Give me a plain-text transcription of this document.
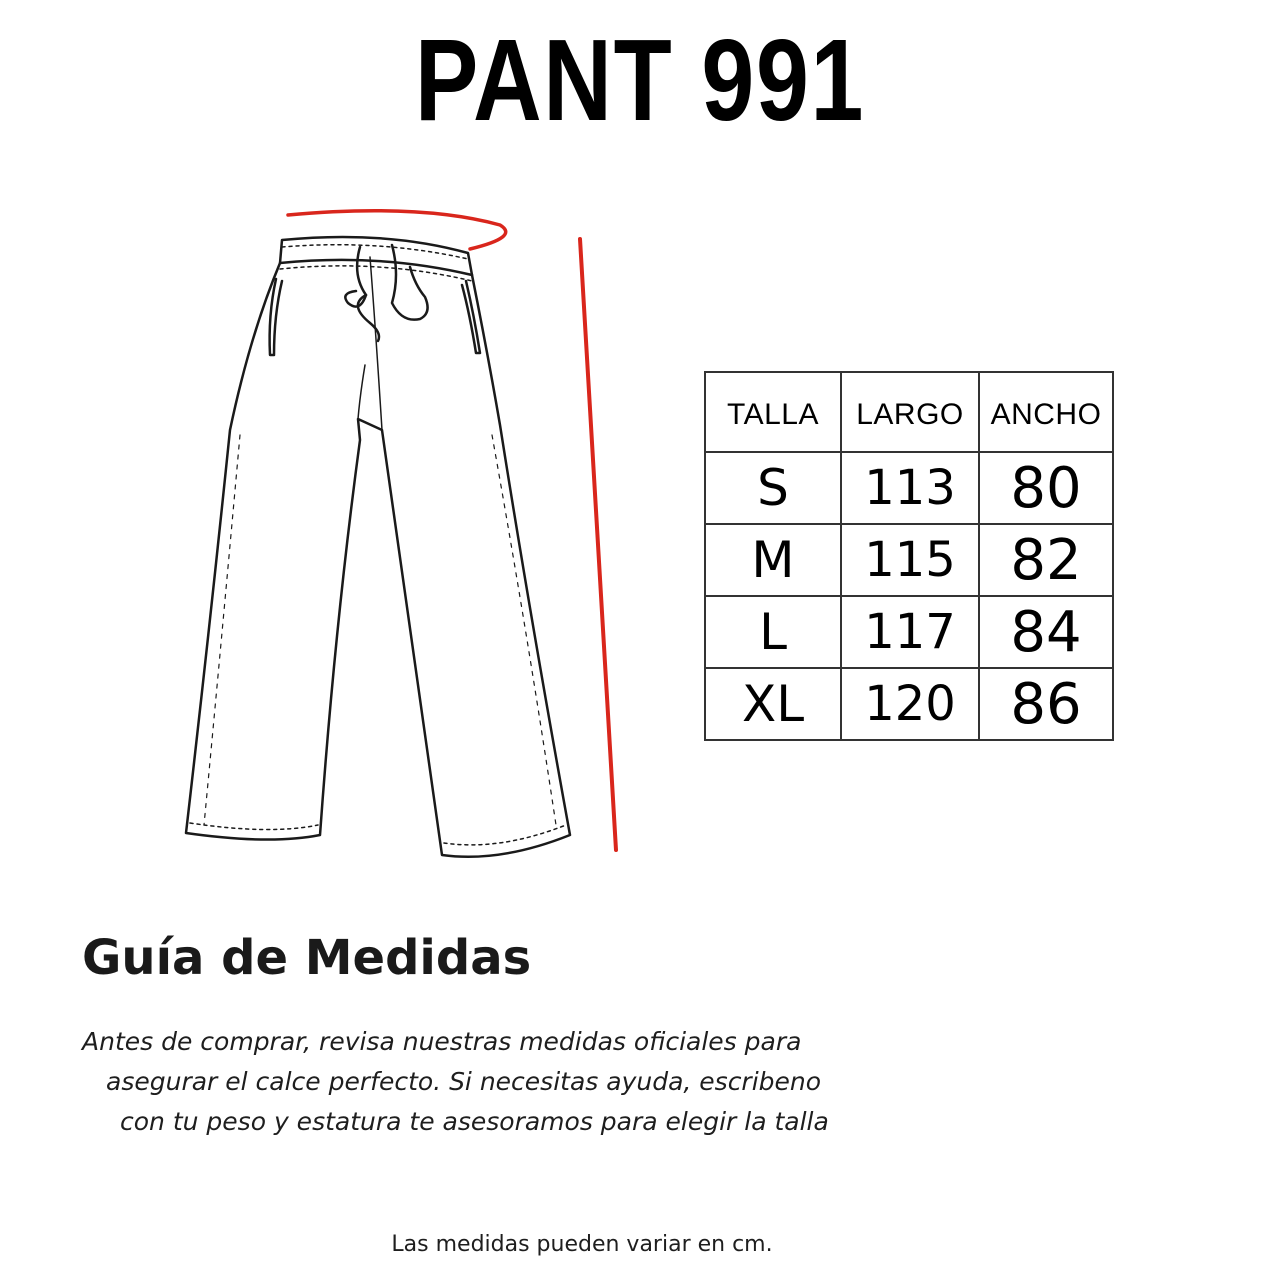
PANT 991
TALLA	LARGO	ANCHO
S	113	80
M	115	82
L	117	84
XL	120	86
Guía de Medidas
Antes de comprar, revisa nuestras medidas oficiales para
asegurar el calce perfecto. Si necesitas ayuda, escribeno
con tu peso y estatura te asesoramos para elegir la talla
Las medidas pueden variar en cm.
